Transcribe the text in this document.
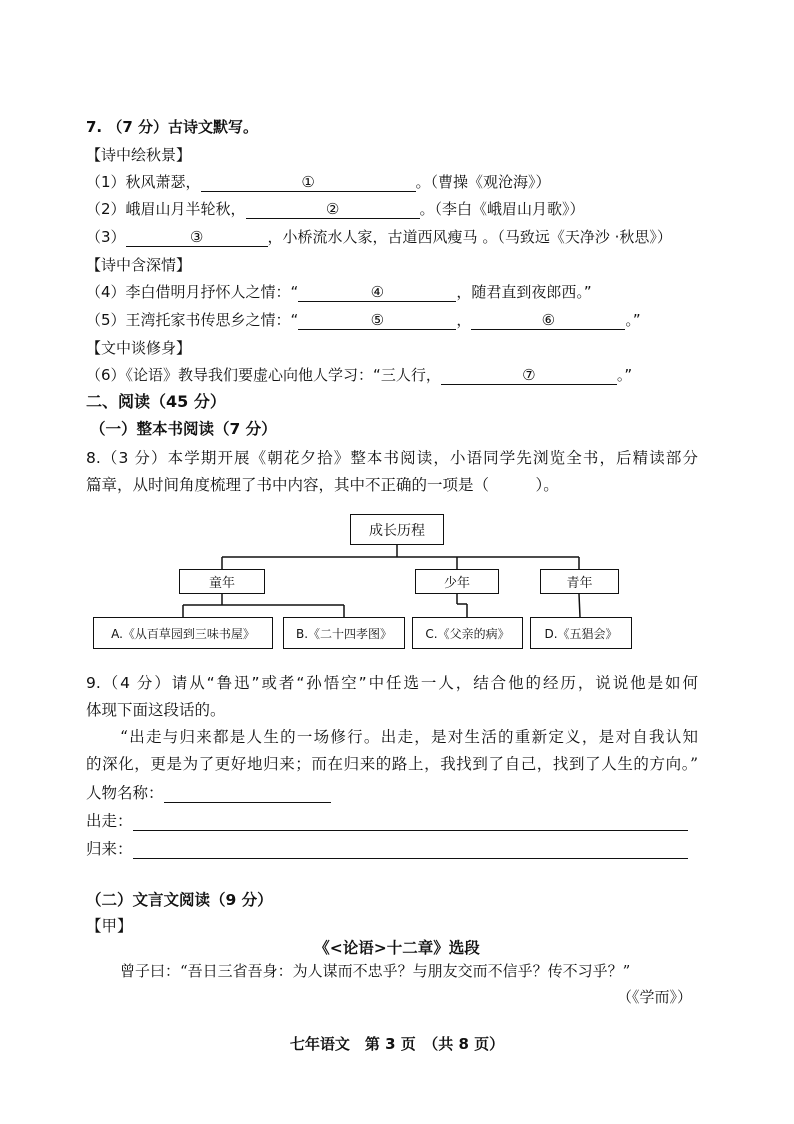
7. （7 分）古诗文默写。
【诗中绘秋景】
（1）秋风萧瑟，	①	。（曹操《观沧海》）
（2）峨眉山月半轮秋，	②	。（李白《峨眉山月歌》）
（3）	③	，小桥流水人家，古道西风瘦马 。（马致远《天净沙 ·秋思》）
【诗中含深情】
（4）李白借明月抒怀人之情：“	④	，随君直到夜郎西。”
（5）王湾托家书传思乡之情：“	⑤	，	⑥	。”
【文中谈修身】
（6）《论语》教导我们要虚心向他人学习：“三人行，	⑦	。”
二、阅读（45 分）
（一）整本书阅读（7 分）
8.（3 分）本学期开展《朝花夕拾》整本书阅读，小语同学先浏览全书，后精读部分
篇章，从时间角度梳理了书中内容，其中不正确的一项是（　　　）。
成长历程
童年	少年	青年
A.《从百草园到三味书屋》	B.《二十四孝图》	C.《父亲的病》	D.《五猖会》
9.（4 分）请从“鲁迅”或者“孙悟空”中任选一人，结合他的经历，说说他是如何
体现下面这段话的。
“出走与归来都是人生的一场修行。出走，是对生活的重新定义，是对自我认知
的深化，更是为了更好地归来；而在归来的路上，我找到了自己，找到了人生的方向。”
人物名称：
出走：
归来：
（二）文言文阅读（9 分）
【甲】
《<论语>十二章》选段
曾子曰：“吾日三省吾身：为人谋而不忠乎？与朋友交而不信乎？传不习乎？”
（《学而》）
七年语文　第 3 页　（共 8 页）
